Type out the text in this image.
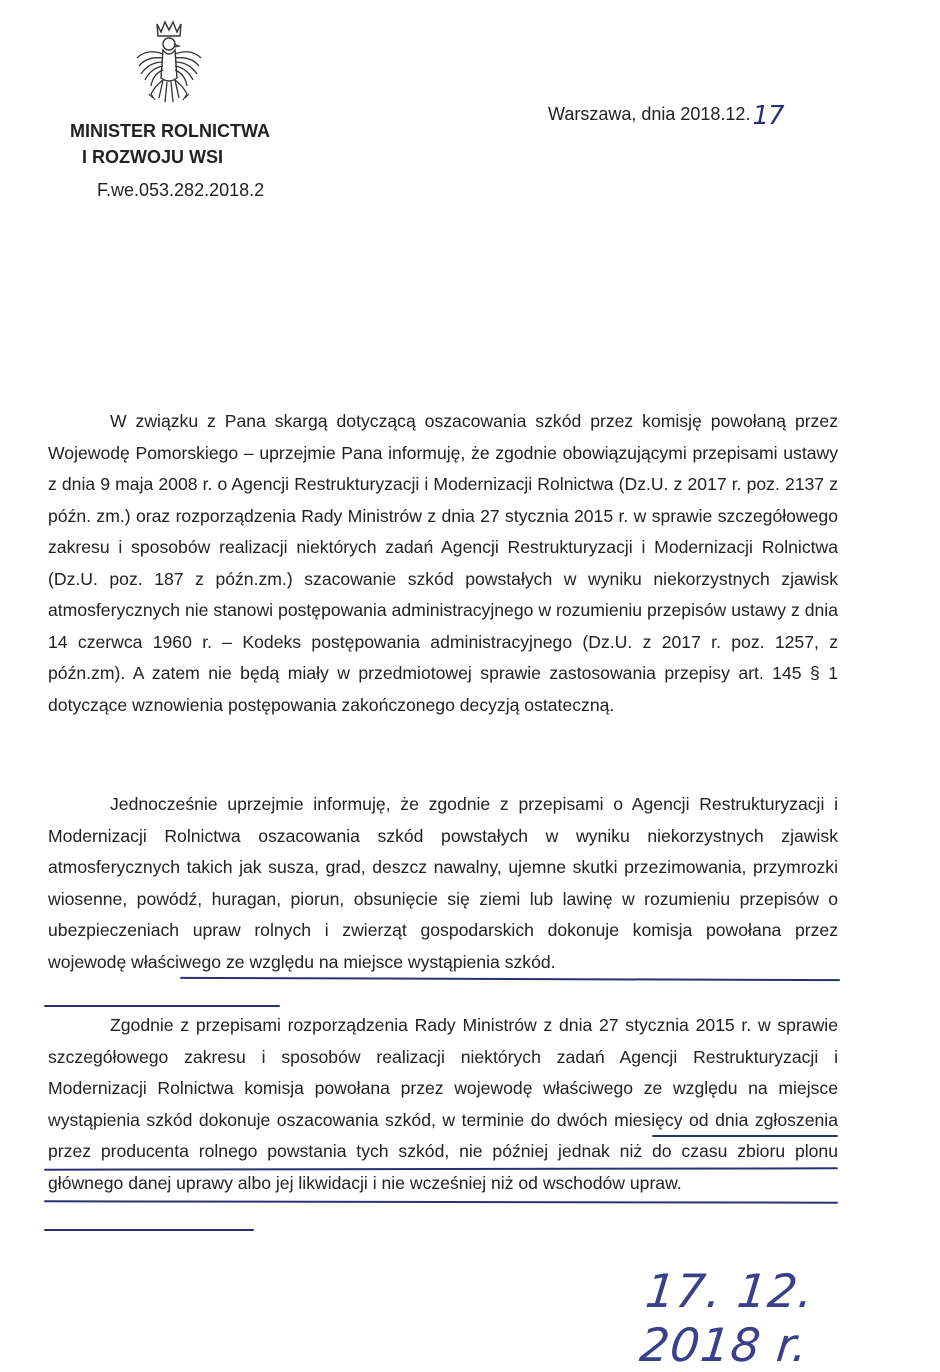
MINISTER ROLNICTWA
I ROZWOJU WSI
F.we.053.282.2018.2
Warszawa, dnia 2018.12.17

W związku z Pana skargą dotyczącą oszacowania szkód przez komisję powołaną przez Wojewodę Pomorskiego – uprzejmie Pana informuję, że zgodnie obowiązującymi przepisami ustawy z dnia 9 maja 2008 r. o Agencji Restrukturyzacji i Modernizacji Rolnictwa (Dz.U. z 2017 r. poz. 2137 z późn. zm.) oraz rozporządzenia Rady Ministrów z dnia 27 stycznia 2015 r. w sprawie szczegółowego zakresu i sposobów realizacji niektórych zadań Agencji Restrukturyzacji i Modernizacji Rolnictwa (Dz.U. poz. 187 z późn.zm.) szacowanie szkód powstałych w wyniku niekorzystnych zjawisk atmosferycznych nie stanowi postępowania administracyjnego w rozumieniu przepisów ustawy z dnia 14 czerwca 1960 r. – Kodeks postępowania administracyjnego (Dz.U. z 2017 r. poz. 1257, z późn.zm). A zatem nie będą miały w przedmiotowej sprawie zastosowania przepisy art. 145 § 1 dotyczące wznowienia postępowania zakończonego decyzją ostateczną.

Jednocześnie uprzejmie informuję, że zgodnie z przepisami o Agencji Restrukturyzacji i Modernizacji Rolnictwa oszacowania szkód powstałych w wyniku niekorzystnych zjawisk atmosferycznych takich jak susza, grad, deszcz nawalny, ujemne skutki przezimowania, przymrozki wiosenne, powódź, huragan, piorun, obsunięcie się ziemi lub lawinę w rozumieniu przepisów o ubezpieczeniach upraw rolnych i zwierząt gospodarskich dokonuje komisja powołana przez wojewodę właściwego ze względu na miejsce wystąpienia szkód.

Zgodnie z przepisami rozporządzenia Rady Ministrów z dnia 27 stycznia 2015 r. w sprawie szczegółowego zakresu i sposobów realizacji niektórych zadań Agencji Restrukturyzacji i Modernizacji Rolnictwa komisja powołana przez wojewodę właściwego ze względu na miejsce wystąpienia szkód dokonuje oszacowania szkód, w terminie do dwóch miesięcy od dnia zgłoszenia przez producenta rolnego powstania tych szkód, nie później jednak niż do czasu zbioru plonu głównego danej uprawy albo jej likwidacji i nie wcześniej niż od wschodów upraw.

17. 12. 2018 r.
